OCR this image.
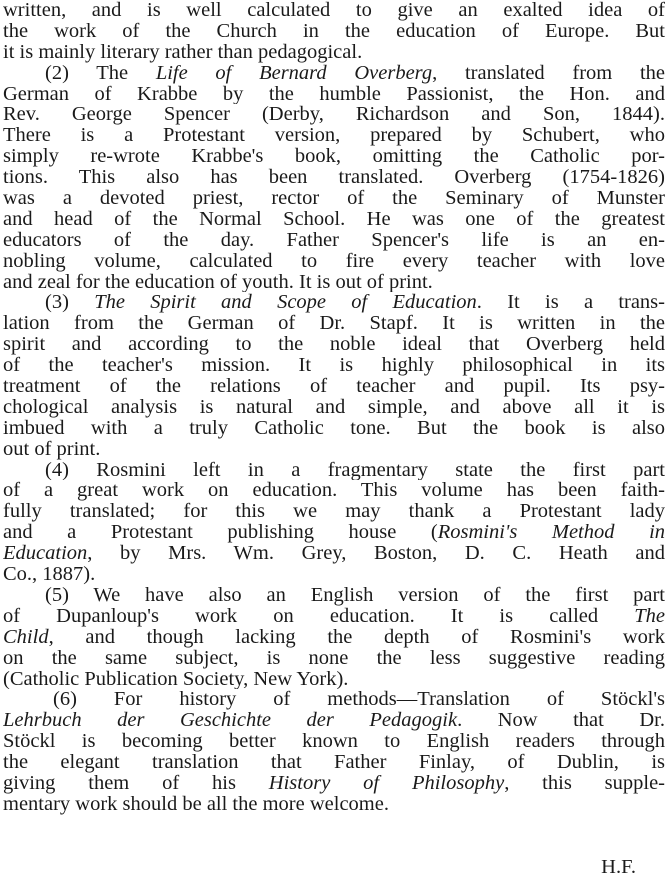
written, and is well calculated to give an exalted idea of
the work of the Church in the education of Europe. But
it is mainly literary rather than pedagogical.
(2) The Life of Bernard Overberg, translated from the
German of Krabbe by the humble Passionist, the Hon. and
Rev. George Spencer (Derby, Richardson and Son, 1844).
There is a Protestant version, prepared by Schubert, who
simply re-wrote Krabbe's book, omitting the Catholic por-
tions. This also has been translated. Overberg (1754-1826)
was a devoted priest, rector of the Seminary of Munster
and head of the Normal School. He was one of the greatest
educators of the day. Father Spencer's life is an en-
nobling volume, calculated to fire every teacher with love
and zeal for the education of youth. It is out of print.
(3) The Spirit and Scope of Education. It is a trans-
lation from the German of Dr. Stapf. It is written in the
spirit and according to the noble ideal that Overberg held
of the teacher's mission. It is highly philosophical in its
treatment of the relations of teacher and pupil. Its psy-
chological analysis is natural and simple, and above all it is
imbued with a truly Catholic tone. But the book is also
out of print.
(4) Rosmini left in a fragmentary state the first part
of a great work on education. This volume has been faith-
fully translated; for this we may thank a Protestant lady
and a Protestant publishing house (Rosmini's Method in
Education, by Mrs. Wm. Grey, Boston, D. C. Heath and
Co., 1887).
(5) We have also an English version of the first part
of Dupanloup's work on education. It is called The
Child, and though lacking the depth of Rosmini's work
on the same subject, is none the less suggestive reading
(Catholic Publication Society, New York).
(6) For history of methods—Translation of Stöckl's
Lehrbuch der Geschichte der Pedagogik. Now that Dr.
Stöckl is becoming better known to English readers through
the elegant translation that Father Finlay, of Dublin, is
giving them of his History of Philosophy, this supple-
mentary work should be all the more welcome.
H.F.
